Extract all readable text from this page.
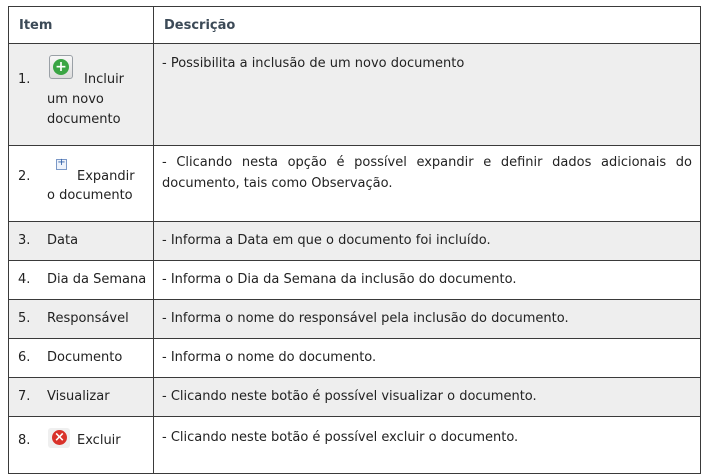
Item	Descrição

1.
+ Incluir
um novo
documento	- Possibilita a inclusão de um novo documento

2.
+ Expandir
o documento	- Clicando nesta opção é possível expandir e definir dados adicionais do documento, tais como Observação.

3. Data	- Informa a Data em que o documento foi incluído.

4. Dia da Semana	- Informa o Dia da Semana da inclusão do documento.

5. Responsável	- Informa o nome do responsável pela inclusão do documento.

6. Documento	- Informa o nome do documento.

7. Visualizar	- Clicando neste botão é possível visualizar o documento.

8. × Excluir	- Clicando neste botão é possível excluir o documento.
